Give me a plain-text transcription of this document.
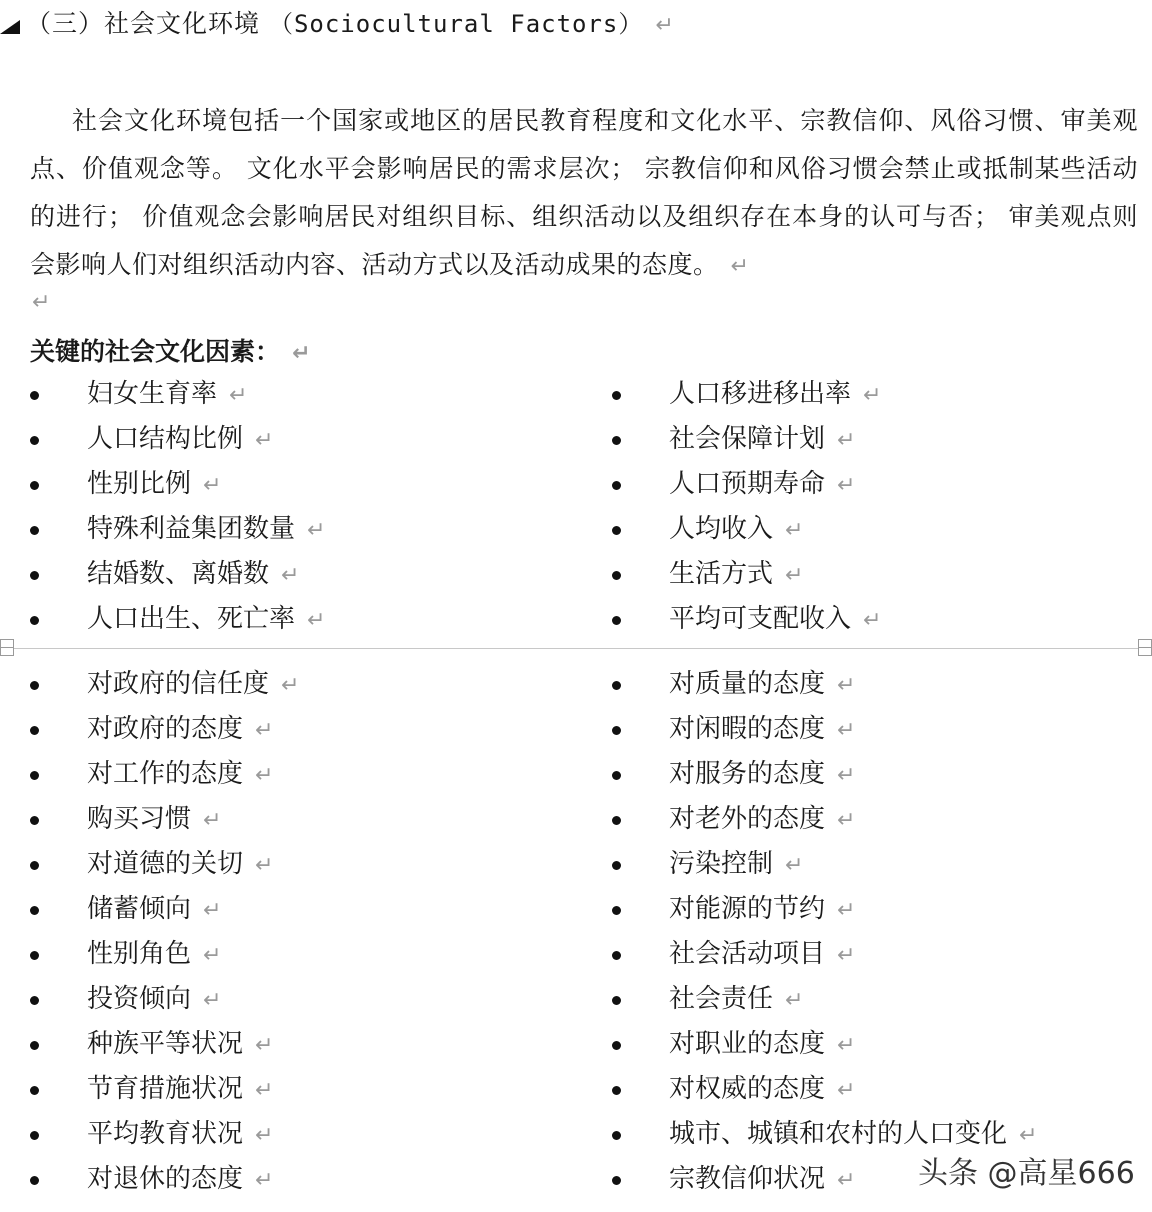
（三）社会文化环境 （Sociocultural Factors） ↵
社会文化环境包括一个国家或地区的居民教育程度和文化水平、宗教信仰、风俗习惯、审美观点、价值观念等。 文化水平会影响居民的需求层次； 宗教信仰和风俗习惯会禁止或抵制某些活动的进行； 价值观念会影响居民对组织目标、组织活动以及组织存在本身的认可与否； 审美观点则会影响人们对组织活动内容、活动方式以及活动成果的态度。 ↵
↵
关键的社会文化因素： ↵
妇女生育率 ↵
人口结构比例 ↵
性别比例 ↵
特殊利益集团数量 ↵
结婚数、离婚数 ↵
人口出生、死亡率 ↵
人口移进移出率 ↵
社会保障计划 ↵
人口预期寿命 ↵
人均收入 ↵
生活方式 ↵
平均可支配收入 ↵
对政府的信任度 ↵
对政府的态度 ↵
对工作的态度 ↵
购买习惯 ↵
对道德的关切 ↵
储蓄倾向 ↵
性别角色 ↵
投资倾向 ↵
种族平等状况 ↵
节育措施状况 ↵
平均教育状况 ↵
对退休的态度 ↵
对质量的态度 ↵
对闲暇的态度 ↵
对服务的态度 ↵
对老外的态度 ↵
污染控制 ↵
对能源的节约 ↵
社会活动项目 ↵
社会责任 ↵
对职业的态度 ↵
对权威的态度 ↵
城市、城镇和农村的人口变化 ↵
宗教信仰状况 ↵	头条 @高星666
